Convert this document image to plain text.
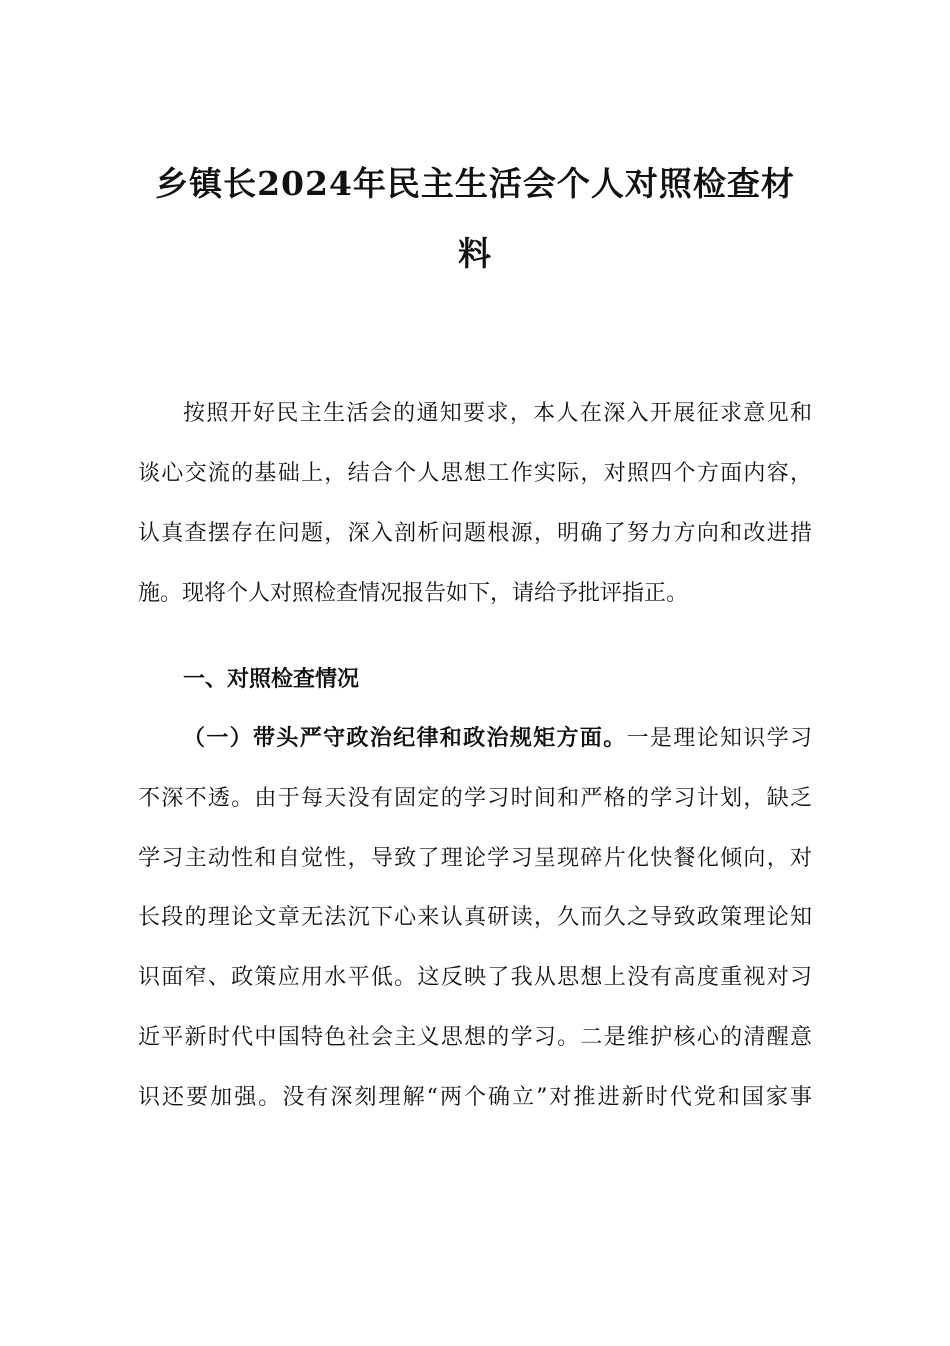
乡镇长2024年民主生活会个人对照检查材
料
按照开好民主生活会的通知要求，本人在深入开展征求意见和
谈心交流的基础上，结合个人思想工作实际，对照四个方面内容，
认真查摆存在问题，深入剖析问题根源，明确了努力方向和改进措
施。现将个人对照检查情况报告如下，请给予批评指正。
一、对照检查情况
（一）带头严守政治纪律和政治规矩方面。一是理论知识学习
不深不透。由于每天没有固定的学习时间和严格的学习计划，缺乏
学习主动性和自觉性，导致了理论学习呈现碎片化快餐化倾向，对
长段的理论文章无法沉下心来认真研读，久而久之导致政策理论知
识面窄、政策应用水平低。这反映了我从思想上没有高度重视对习
近平新时代中国特色社会主义思想的学习。二是维护核心的清醒意
识还要加强。没有深刻理解“两个确立”对推进新时代党和国家事
